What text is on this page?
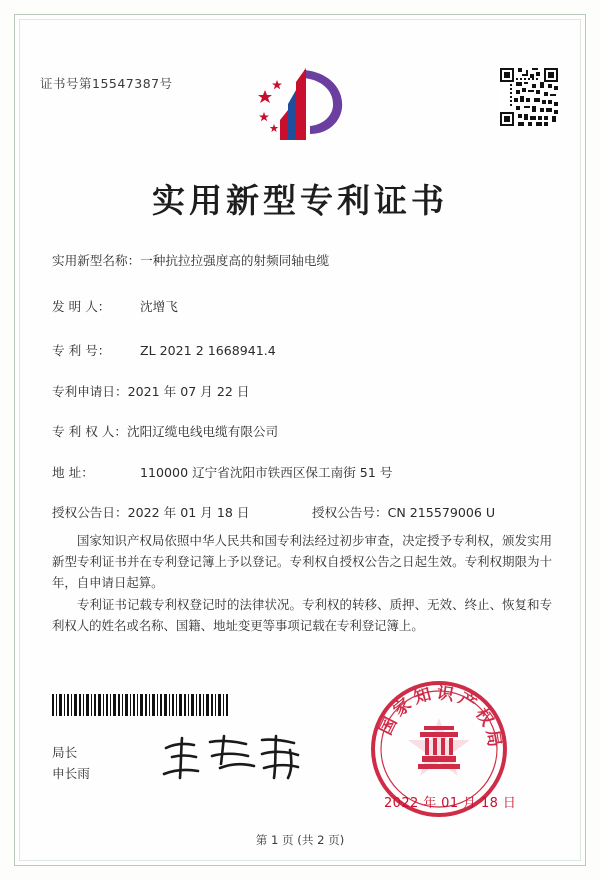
证书号第15547387号
实用新型专利证书
实用新型名称：一种抗拉拉强度高的射频同轴电缆
发 明 人： 沈增飞
专 利 号： ZL 2021 2 1668941.4
专利申请日：2021 年 07 月 22 日
专 利 权 人：沈阳辽缆电线电缆有限公司
地 址：	110000 辽宁省沈阳市铁西区保工南街 51 号
授权公告日：2022 年 01 月 18 日	授权公告号：CN 215579006 U
国家知识产权局依照中华人民共和国专利法经过初步审查，决定授予专利权，颁发实用新型专利证书并在专利登记簿上予以登记。专利权自授权公告之日起生效。专利权期限为十年，自申请日起算。
专利证书记载专利权登记时的法律状况。专利权的转移、质押、无效、终止、恢复和专利权人的姓名或名称、国籍、地址变更等事项记载在专利登记簿上。
局长
申长雨
国家知识产权局
2022 年 01 月 18 日
第 1 页 (共 2 页)
